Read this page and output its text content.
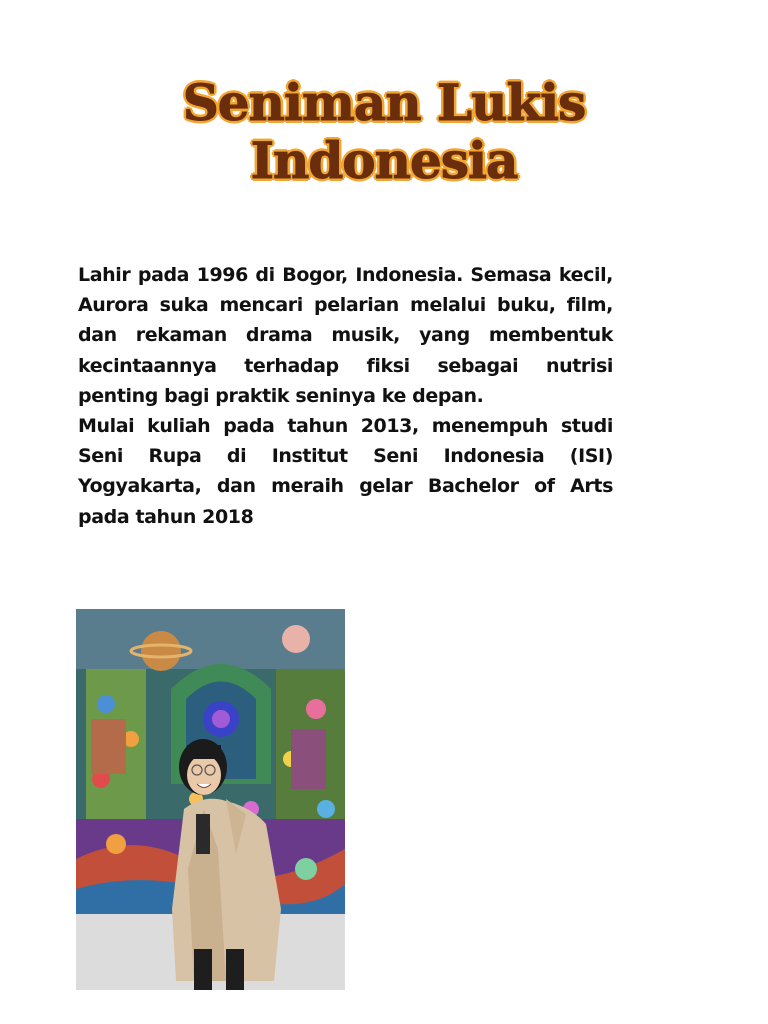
Seniman Lukis
Indonesia

Lahir pada 1996 di Bogor, Indonesia. Semasa kecil, Aurora suka mencari pelarian melalui buku, film, dan rekaman drama musik, yang membentuk kecintaannya terhadap fiksi sebagai nutrisi penting bagi praktik seninya ke depan.

Mulai kuliah pada tahun 2013, menempuh studi Seni Rupa di Institut Seni Indonesia (ISI) Yogyakarta, dan meraih gelar Bachelor of Arts pada tahun 2018
